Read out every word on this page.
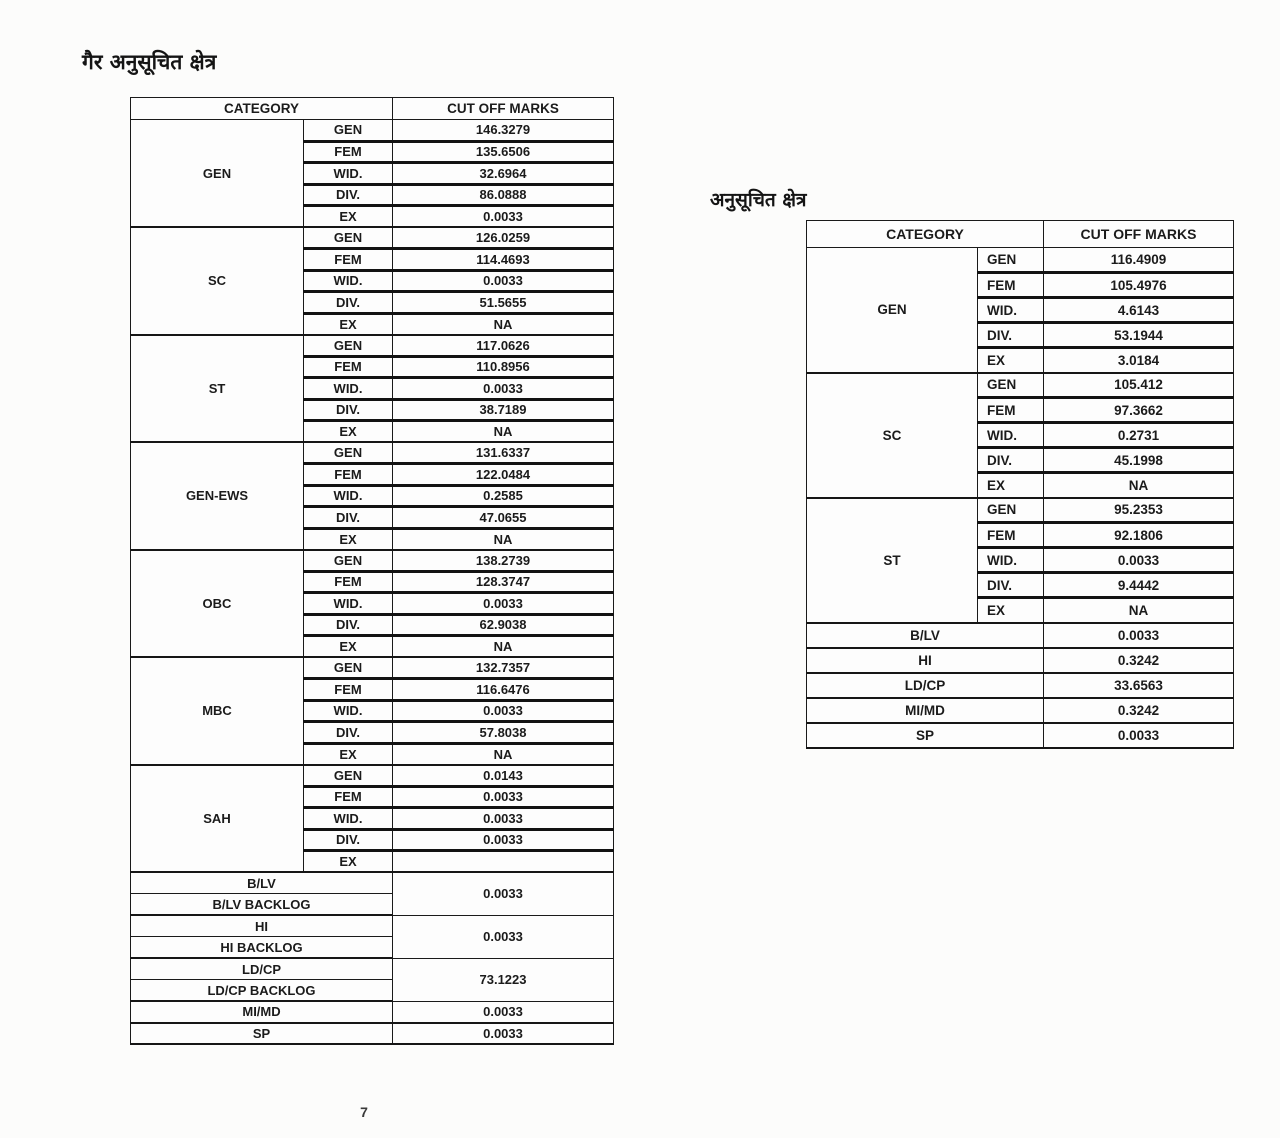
गैर अनुसूचित क्षेत्र
CATEGORY		CUT OFF MARKS
GEN	GEN	146.3279
	FEM	135.6506
	WID.	32.6964
	DIV.	86.0888
	EX	0.0033
SC	GEN	126.0259
	FEM	114.4693
	WID.	0.0033
	DIV.	51.5655
	EX	NA
ST	GEN	117.0626
	FEM	110.8956
	WID.	0.0033
	DIV.	38.7189
	EX	NA
GEN-EWS	GEN	131.6337
	FEM	122.0484
	WID.	0.2585
	DIV.	47.0655
	EX	NA
OBC	GEN	138.2739
	FEM	128.3747
	WID.	0.0033
	DIV.	62.9038
	EX	NA
MBC	GEN	132.7357
	FEM	116.6476
	WID.	0.0033
	DIV.	57.8038
	EX	NA
SAH	GEN	0.0143
	FEM	0.0033
	WID.	0.0033
	DIV.	0.0033
	EX	
B/LV		0.0033
B/LV BACKLOG		
HI		0.0033
HI BACKLOG		
LD/CP		73.1223
LD/CP BACKLOG		
MI/MD		0.0033
SP		0.0033
अनुसूचित क्षेत्र
CATEGORY		CUT OFF MARKS
GEN	GEN	116.4909
	FEM	105.4976
	WID.	4.6143
	DIV.	53.1944
	EX	3.0184
SC	GEN	105.412
	FEM	97.3662
	WID.	0.2731
	DIV.	45.1998
	EX	NA
ST	GEN	95.2353
	FEM	92.1806
	WID.	0.0033
	DIV.	9.4442
	EX	NA
B/LV		0.0033
HI		0.3242
LD/CP		33.6563
MI/MD		0.3242
SP		0.0033
7
